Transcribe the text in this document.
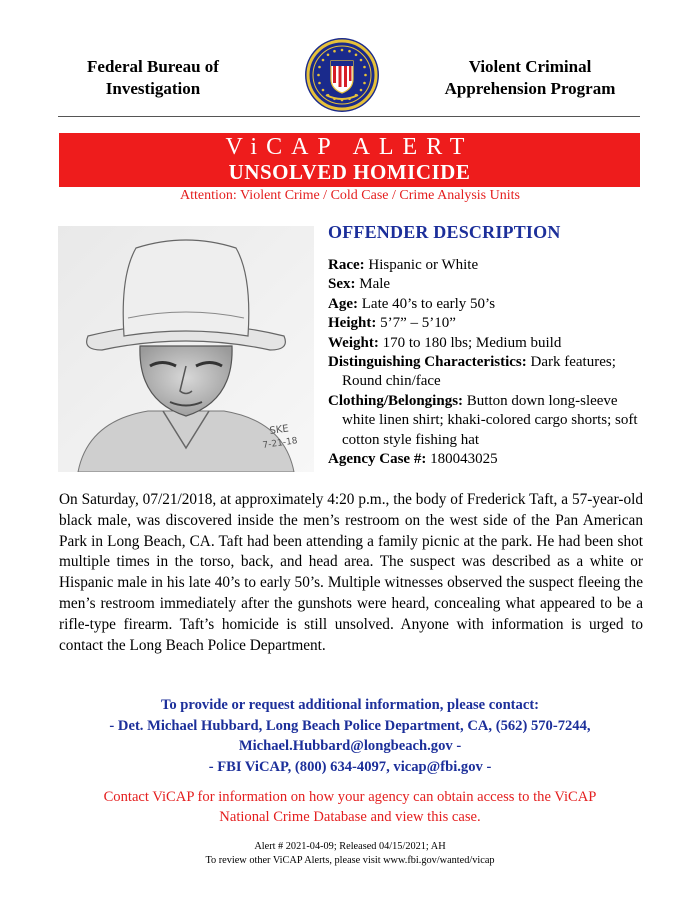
Federal Bureau of
Investigation
Violent Criminal
Apprehension Program
ViCAP ALERT
UNSOLVED HOMICIDE
Attention: Violent Crime / Cold Case / Crime Analysis Units
SKE
7-21-18
OFFENDER DESCRIPTION
Race: Hispanic or White
Sex: Male
Age: Late 40’s to early 50’s
Height: 5’7” – 5’10”
Weight: 170 to 180 lbs; Medium build
Distinguishing Characteristics: Dark features; Round chin/face
Clothing/Belongings: Button down long-sleeve white linen shirt; khaki-colored cargo shorts; soft cotton style fishing hat
Agency Case #: 180043025
On Saturday, 07/21/2018, at approximately 4:20 p.m., the body of Frederick Taft, a 57-year-old black male, was discovered inside the men’s restroom on the west side of the Pan American Park in Long Beach, CA. Taft had been attending a family picnic at the park. He had been shot multiple times in the torso, back, and head area. The suspect was described as a white or Hispanic male in his late 40’s to early 50’s. Multiple witnesses observed the suspect fleeing the men’s restroom immediately after the gunshots were heard, concealing what appeared to be a rifle-type firearm. Taft’s homicide is still unsolved. Anyone with information is urged to contact the Long Beach Police Department.
To provide or request additional information, please contact:
- Det. Michael Hubbard, Long Beach Police Department, CA, (562) 570-7244,
Michael.Hubbard@longbeach.gov -
- FBI ViCAP, (800) 634-4097, vicap@fbi.gov -
Contact ViCAP for information on how your agency can obtain access to the ViCAP
National Crime Database and view this case.
Alert # 2021-04-09; Released 04/15/2021; AH
To review other ViCAP Alerts, please visit www.fbi.gov/wanted/vicap
